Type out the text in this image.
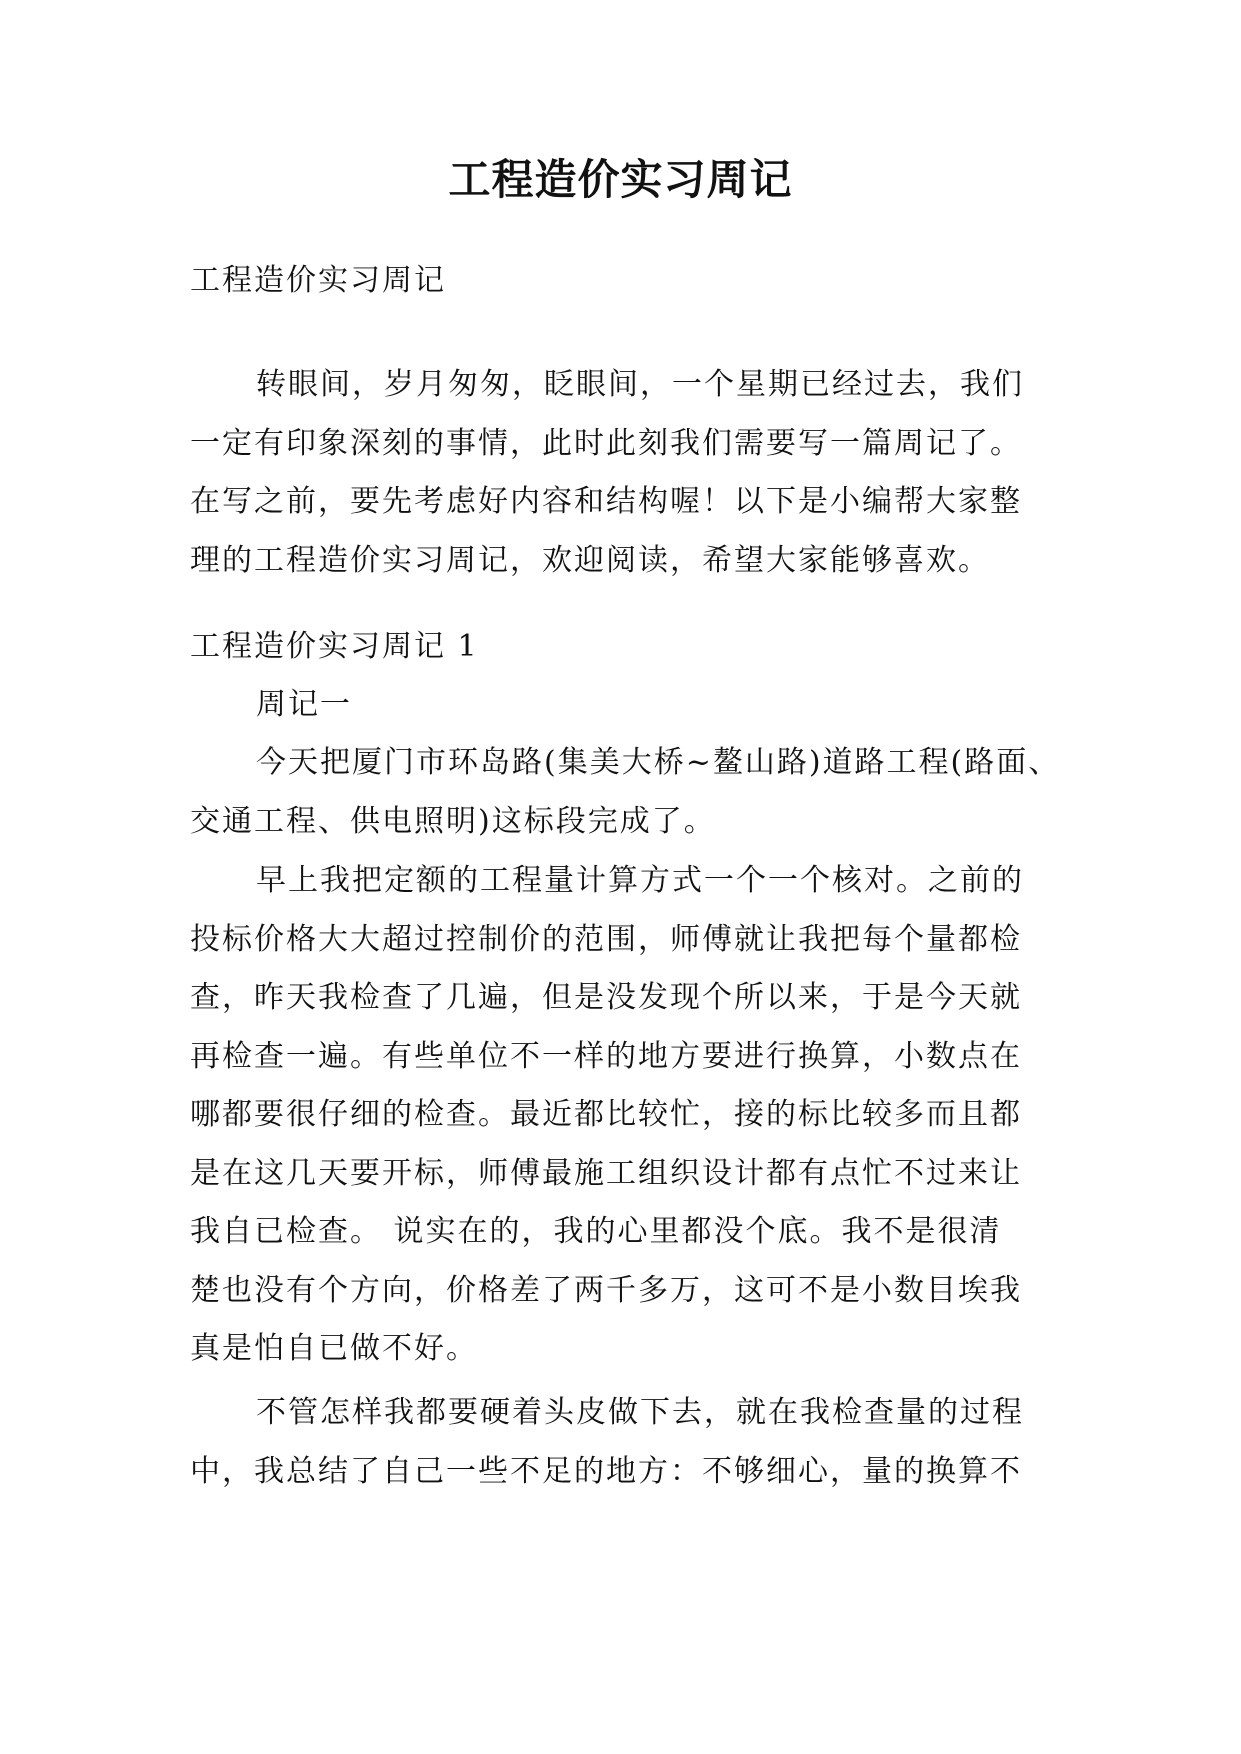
工程造价实习周记
工程造价实习周记
转眼间，岁月匆匆，眨眼间，一个星期已经过去，我们
一定有印象深刻的事情，此时此刻我们需要写一篇周记了。
在写之前，要先考虑好内容和结构喔！以下是小编帮大家整
理的工程造价实习周记，欢迎阅读，希望大家能够喜欢。
工程造价实习周记 1
周记一
今天把厦门市环岛路(集美大桥~鳌山路)道路工程(路面、
交通工程、供电照明)这标段完成了。
早上我把定额的工程量计算方式一个一个核对。之前的
投标价格大大超过控制价的范围，师傅就让我把每个量都检
查，昨天我检查了几遍，但是没发现个所以来，于是今天就
再检查一遍。有些单位不一样的地方要进行换算，小数点在
哪都要很仔细的检查。最近都比较忙，接的标比较多而且都
是在这几天要开标，师傅最施工组织设计都有点忙不过来让
我自已检查。 说实在的，我的心里都没个底。我不是很清
楚也没有个方向，价格差了两千多万，这可不是小数目埃我
真是怕自已做不好。
不管怎样我都要硬着头皮做下去，就在我检查量的过程
中，我总结了自己一些不足的地方：不够细心，量的换算不
